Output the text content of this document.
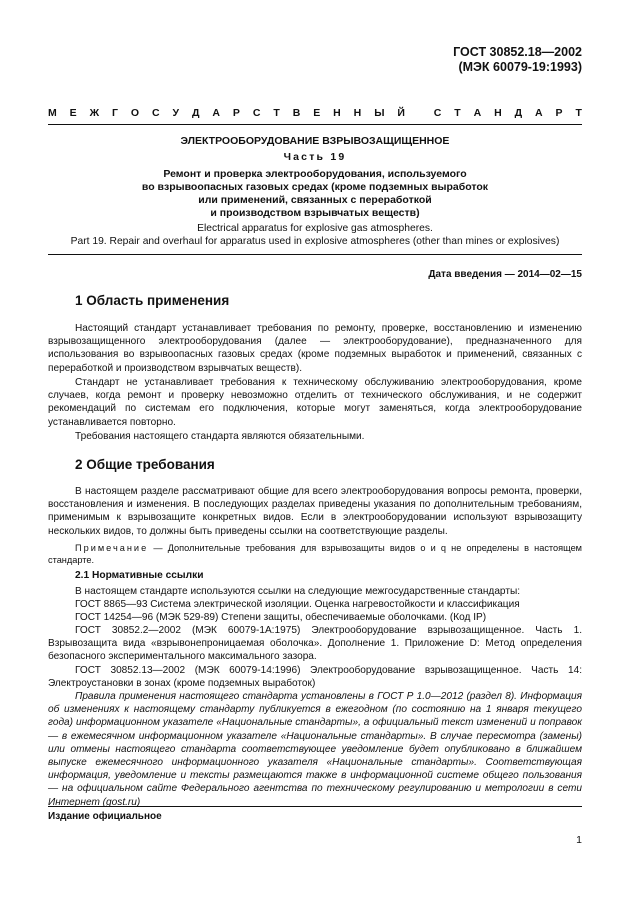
ГОСТ 30852.18—2002
(МЭК 60079-19:1993)
М Е Ж Г О С У Д А Р С Т В Е Н Н Ы Й
	С Т А Н Д А Р Т
ЭЛЕКТРООБОРУДОВАНИЕ ВЗРЫВОЗАЩИЩЕННОЕ
Часть 19
Ремонт и проверка электрооборудования, используемого
во взрывоопасных газовых средах (кроме подземных выработок
или применений, связанных с переработкой
и производством взрывчатых веществ)
Electrical apparatus for explosive gas atmospheres.
Part 19. Repair and overhaul for apparatus used in explosive atmospheres (other than mines or explosives)
Дата введения — 2014—02—15
1 Область применения
Настоящий стандарт устанавливает требования по ремонту, проверке, восстановлению и изменению взрывозащищенного электрооборудования (далее — электрооборудование), предназначенного для использования во взрывоопасных газовых средах (кроме подземных выработок и применений, связанных с переработкой и производством взрывчатых веществ).
Стандарт не устанавливает требования к техническому обслуживанию электрооборудования, кроме случаев, когда ремонт и проверку невозможно отделить от технического обслуживания, и не содержит рекомендаций по системам его подключения, которые могут заменяться, когда электрооборудование устанавливается повторно.
Требования настоящего стандарта являются обязательными.
2 Общие требования
В настоящем разделе рассматривают общие для всего электрооборудования вопросы ремонта, проверки, восстановления и изменения. В последующих разделах приведены указания по дополнительным требованиям, применимым к взрывозащите конкретных видов. Если в электрооборудовании используют взрывозащиту нескольких видов, то должны быть приведены ссылки на соответствующие разделы.
Примечание — Дополнительные требования для взрывозащиты видов о и q не определены в настоящем стандарте.
2.1 Нормативные ссылки
В настоящем стандарте используются ссылки на следующие межгосударственные стандарты:
ГОСТ 8865—93 Система электрической изоляции. Оценка нагревостойкости и классификация
ГОСТ 14254—96 (МЭК 529-89) Степени защиты, обеспечиваемые оболочками. (Код IP)
ГОСТ 30852.2—2002 (МЭК 60079-1А:1975) Электрооборудование взрывозащищенное. Часть 1. Взрывозащита вида «взрывонепроницаемая оболочка». Дополнение 1. Приложение D: Метод определения безопасного экспериментального максимального зазора.
ГОСТ 30852.13—2002 (МЭК 60079-14:1996) Электрооборудование взрывозащищенное. Часть 14: Электроустановки в зонах (кроме подземных выработок)
Правила применения настоящего стандарта установлены в ГОСТ Р 1.0—2012 (раздел 8). Информация об изменениях к настоящему стандарту публикуется в ежегодном (по состоянию на 1 января текущего года) информационном указателе «Национальные стандарты», а официальный текст изменений и поправок — в ежемесячном информационном указателе «Национальные стандарты». В случае пересмотра (замены) или отмены настоящего стандарта соответствующее уведомление будет опубликовано в ближайшем выпуске ежемесячного информационного указателя «Национальные стандарты». Соответствующая информация, уведомление и тексты размещаются также в информационной системе общего пользования — на официальном сайте Федерального агентства по техническому регулированию и метрологии в сети Интернет (gost.ru)
Издание официальное
1
